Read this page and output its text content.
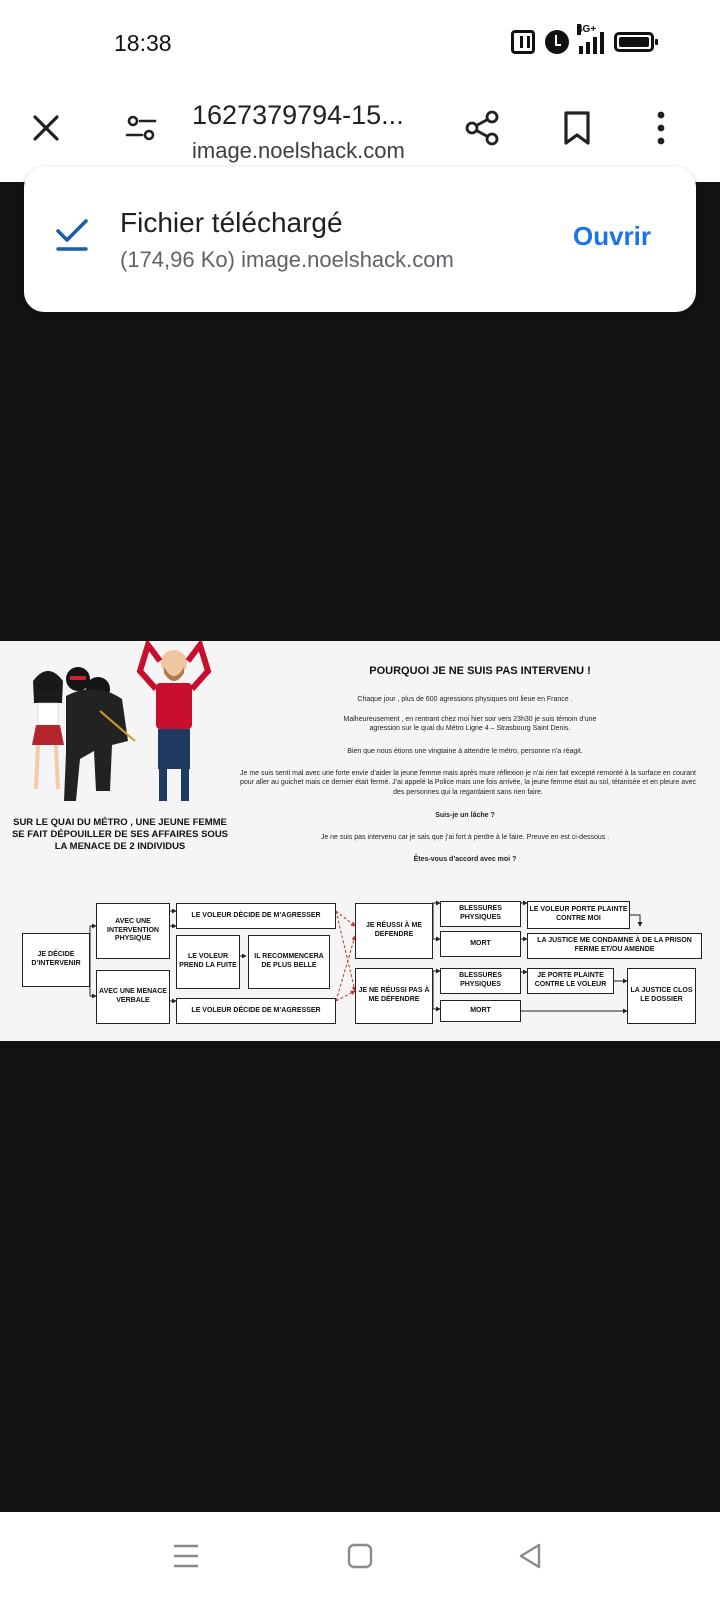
18:38
4G+
1627379794-15...
image.noelshack.com
SUR LE QUAI DU MÉTRO , UNE JEUNE FEMME SE FAIT DÉPOUILLER DE SES AFFAIRES SOUS LA MENACE DE 2 INDIVIDUS
POURQUOI JE NE SUIS PAS INTERVENU !
Chaque jour , plus de 600 agressions physiques ont lieue en France .
Malheureusement , en rentrant chez moi hier soir vers 23h30 je suis témoin d’une agression sur le quai du Métro Ligne 4 – Strasbourg Saint Denis.
Bien que nous étions une vingtaine à attendre le métro, personne n’a réagit.
Je me suis senti mal avec une forte envie d’aider la jeune femme mais après mure réflexion je n’ai rien fait excepté remonté à la surface en courant pour aller au guichet mais ce dernier était fermé. J’ai appelé la Police mais une fois arrivée, la jeune femme était au sol, tétanisée et en pleure avec des personnes qui la regardaient sans rien faire.
Suis-je un lâche ?
Je ne suis pas intervenu car je sais que j’ai fort à perdre à le faire. Preuve en est ci-dessous .
Êtes-vous d’accord avec moi ?
JE DÉCIDE D’INTERVENIR
AVEC UNE INTERVENTION PHYSIQUE
AVEC UNE MENACE VERBALE
LE VOLEUR DÉCIDE DE M’AGRESSER
LE VOLEUR PREND LA FUITE
IL RECOMMENCERA DE PLUS BELLE
LE VOLEUR DÉCIDE DE M’AGRESSER
JE RÉUSSI À ME DEFENDRE
JE NE RÉUSSI PAS À ME DÉFENDRE
BLESSURES PHYSIQUES
MORT
BLESSURES PHYSIQUES
MORT
LE VOLEUR PORTE PLAINTE CONTRE MOI
LA JUSTICE ME CONDAMNE À DE LA PRISON FERME ET/OU AMENDE
JE PORTE PLAINTE CONTRE LE VOLEUR
LA JUSTICE CLOS LE DOSSIER
Fichier téléchargé
(174,96 Ko) image.noelshack.com
Ouvrir
